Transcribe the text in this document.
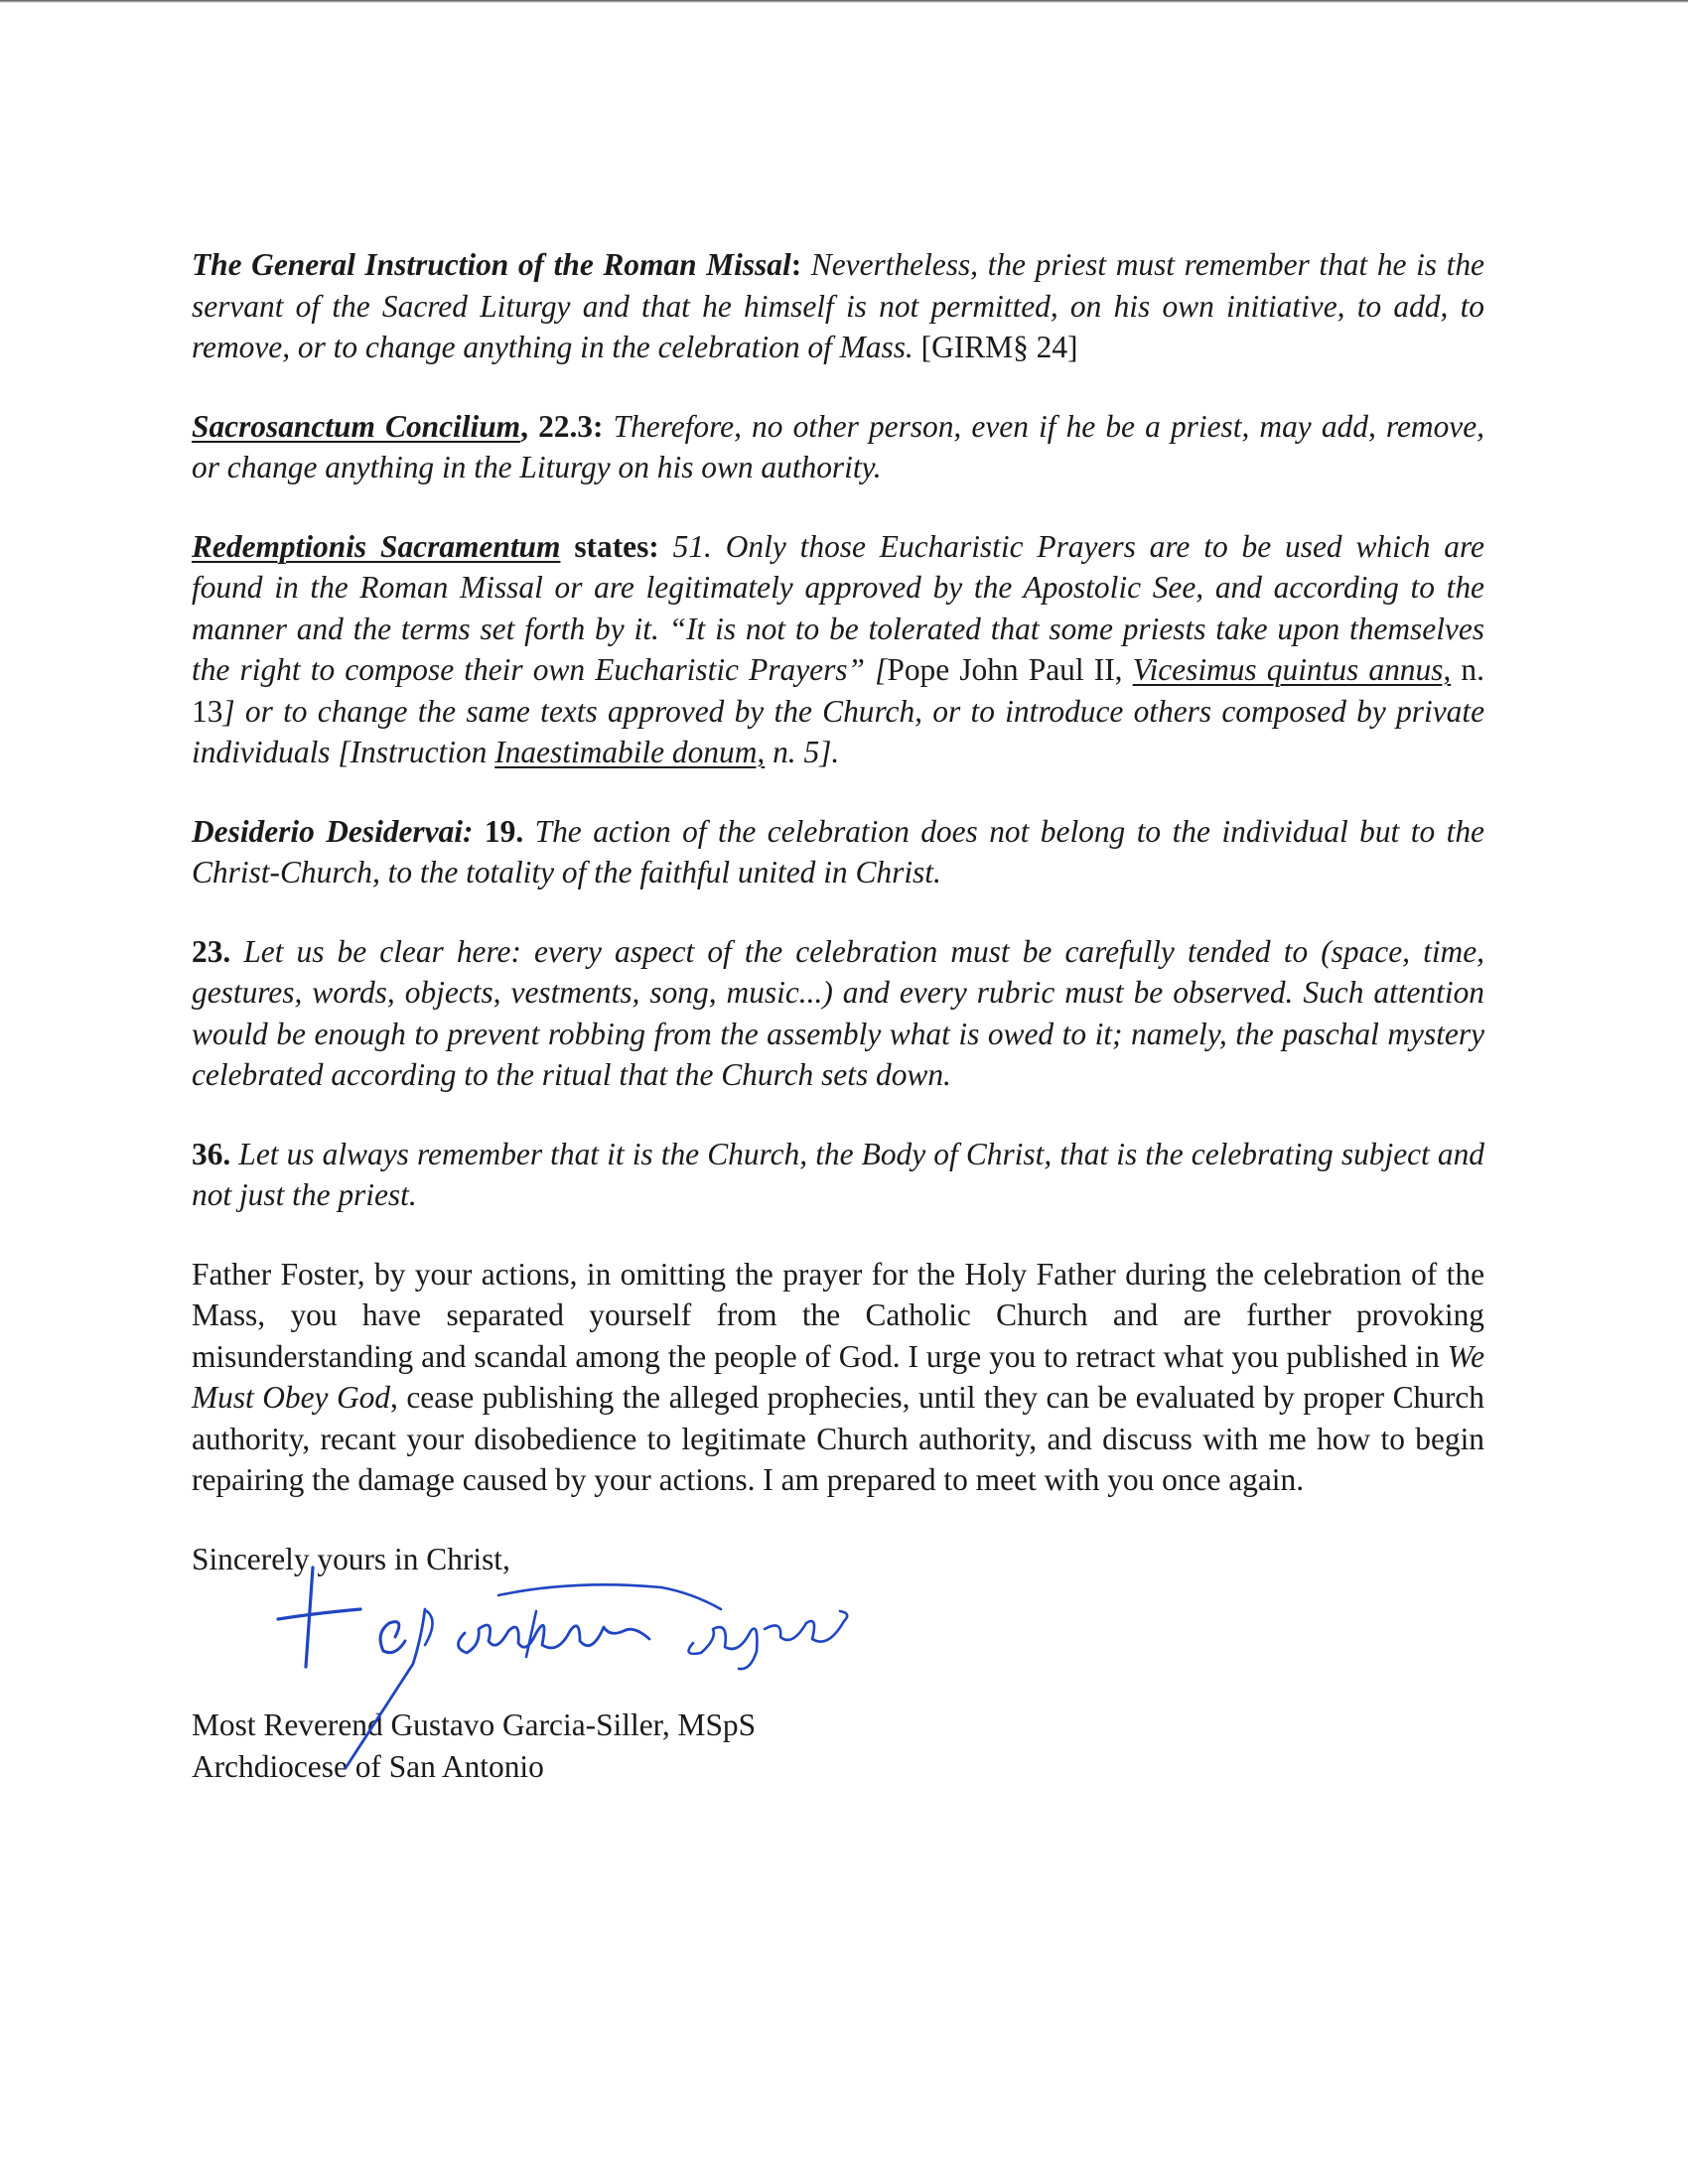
The General Instruction of the Roman Missal: Nevertheless, the priest must remember that he is the servant of the Sacred Liturgy and that he himself is not permitted, on his own initiative, to add, to remove, or to change anything in the celebration of Mass. [GIRM§ 24]

Sacrosanctum Concilium, 22.3: Therefore, no other person, even if he be a priest, may add, remove, or change anything in the Liturgy on his own authority.

Redemptionis Sacramentum states: 51. Only those Eucharistic Prayers are to be used which are found in the Roman Missal or are legitimately approved by the Apostolic See, and according to the manner and the terms set forth by it. “It is not to be tolerated that some priests take upon themselves the right to compose their own Eucharistic Prayers” [Pope John Paul II, Vicesimus quintus annus, n. 13] or to change the same texts approved by the Church, or to introduce others composed by private individuals [Instruction Inaestimabile donum, n. 5].

Desiderio Desidervai: 19. The action of the celebration does not belong to the individual but to the Christ-Church, to the totality of the faithful united in Christ.

23. Let us be clear here: every aspect of the celebration must be carefully tended to (space, time, gestures, words, objects, vestments, song, music...) and every rubric must be observed. Such attention would be enough to prevent robbing from the assembly what is owed to it; namely, the paschal mystery celebrated according to the ritual that the Church sets down.

36. Let us always remember that it is the Church, the Body of Christ, that is the celebrating subject and not just the priest.

Father Foster, by your actions, in omitting the prayer for the Holy Father during the celebration of the Mass, you have separated yourself from the Catholic Church and are further provoking misunderstanding and scandal among the people of God. I urge you to retract what you published in We Must Obey God, cease publishing the alleged prophecies, until they can be evaluated by proper Church authority, recant your disobedience to legitimate Church authority, and discuss with me how to begin repairing the damage caused by your actions. I am prepared to meet with you once again.

Sincerely yours in Christ,

Most Reverend Gustavo Garcia-Siller, MSpS
Archdiocese of San Antonio
